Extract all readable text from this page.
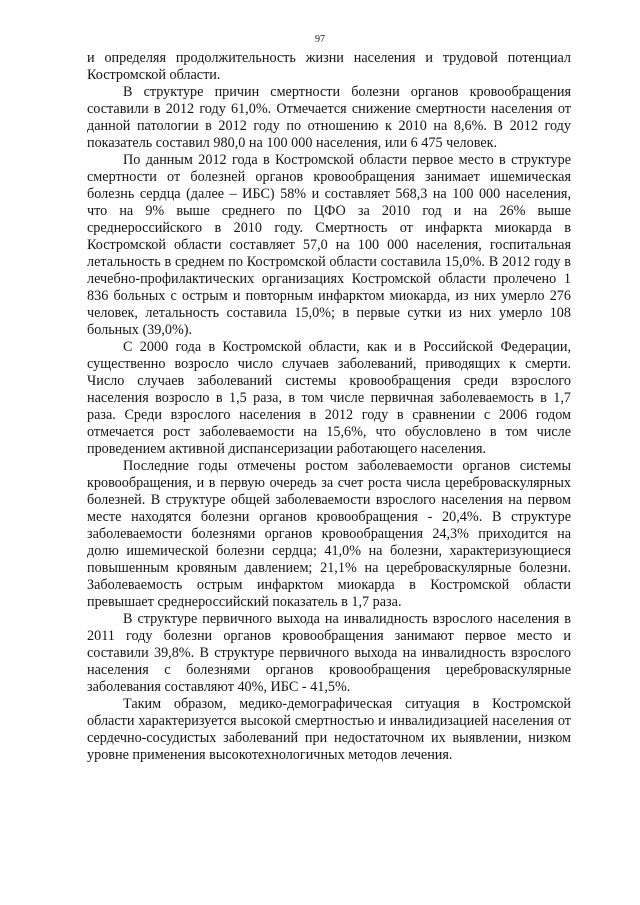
97

и определяя продолжительность жизни населения и трудовой потенциал Костромской области.

В структуре причин смертности болезни органов кровообращения составили в 2012 году 61,0%. Отмечается снижение смертности населения от данной патологии в 2012 году по отношению к 2010 на 8,6%. В 2012 году показатель составил 980,0 на 100 000 населения, или 6 475 человек.

По данным 2012 года в Костромской области первое место в структуре смертности от болезней органов кровообращения занимает ишемическая болезнь сердца (далее – ИБС) 58% и составляет 568,3 на 100 000 населения, что на 9% выше среднего по ЦФО за 2010 год и на 26% выше среднероссийского в 2010 году. Смертность от инфаркта миокарда в Костромской области составляет 57,0 на 100 000 населения, госпитальная летальность в среднем по Костромской области составила 15,0%. В 2012 году в лечебно-профилактических организациях Костромской области пролечено 1 836 больных с острым и повторным инфарктом миокарда, из них умерло 276 человек, летальность составила 15,0%; в первые сутки из них умерло 108 больных (39,0%).

С 2000 года в Костромской области, как и в Российской Федерации, существенно возросло число случаев заболеваний, приводящих к смерти. Число случаев заболеваний системы кровообращения среди взрослого населения возросло в 1,5 раза, в том числе первичная заболеваемость в 1,7 раза. Среди взрослого населения в 2012 году в сравнении с 2006 годом отмечается рост заболеваемости на 15,6%, что обусловлено в том числе проведением активной диспансеризации работающего населения.

Последние годы отмечены ростом заболеваемости органов системы кровообращения, и в первую очередь за счет роста числа цереброваскулярных болезней. В структуре общей заболеваемости взрослого населения на первом месте находятся болезни органов кровообращения - 20,4%. В структуре заболеваемости болезнями органов кровообращения 24,3% приходится на долю ишемической болезни сердца; 41,0% на болезни, характеризующиеся повышенным кровяным давлением; 21,1% на цереброваскулярные болезни. Заболеваемость острым инфарктом миокарда в Костромской области превышает среднероссийский показатель в 1,7 раза.

В структуре первичного выхода на инвалидность взрослого населения в 2011 году болезни органов кровообращения занимают первое место и составили 39,8%. В структуре первичного выхода на инвалидность взрослого населения с болезнями органов кровообращения цереброваскулярные заболевания составляют 40%, ИБС - 41,5%.

Таким образом, медико-демографическая ситуация в Костромской области характеризуется высокой смертностью и инвалидизацией населения от сердечно-сосудистых заболеваний при недостаточном их выявлении, низком уровне применения высокотехнологичных методов лечения.
